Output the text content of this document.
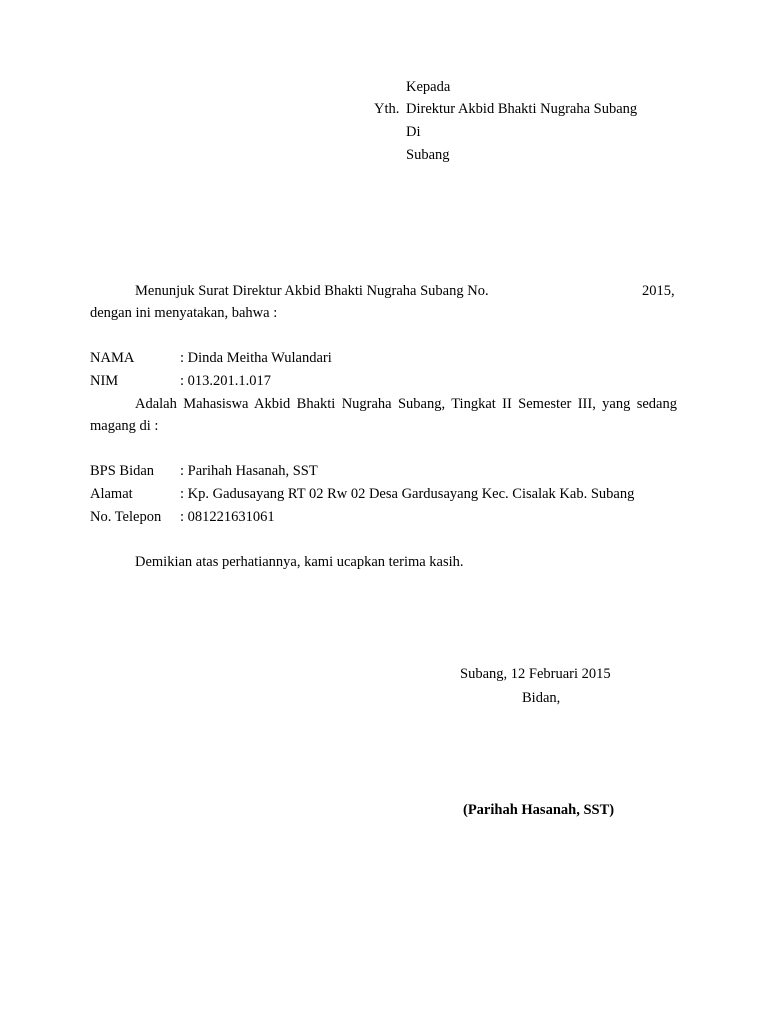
Kepada
Yth. Direktur Akbid Bhakti Nugraha Subang
Di
Subang
Menunjuk Surat Direktur Akbid Bhakti Nugraha Subang No.	2015,
dengan ini menyatakan, bahwa :
NAMA	: Dinda Meitha Wulandari
NIM	: 013.201.1.017
Adalah Mahasiswa Akbid Bhakti Nugraha Subang, Tingkat II Semester III, yang sedang
magang di :
BPS Bidan : Parihah Hasanah, SST
Alamat	: Kp. Gadusayang RT 02 Rw 02 Desa Gardusayang Kec. Cisalak Kab. Subang
No. Telepon : 081221631061
Demikian atas perhatiannya, kami ucapkan terima kasih.
Subang, 12 Februari 2015
Bidan,
(Parihah Hasanah, SST)
